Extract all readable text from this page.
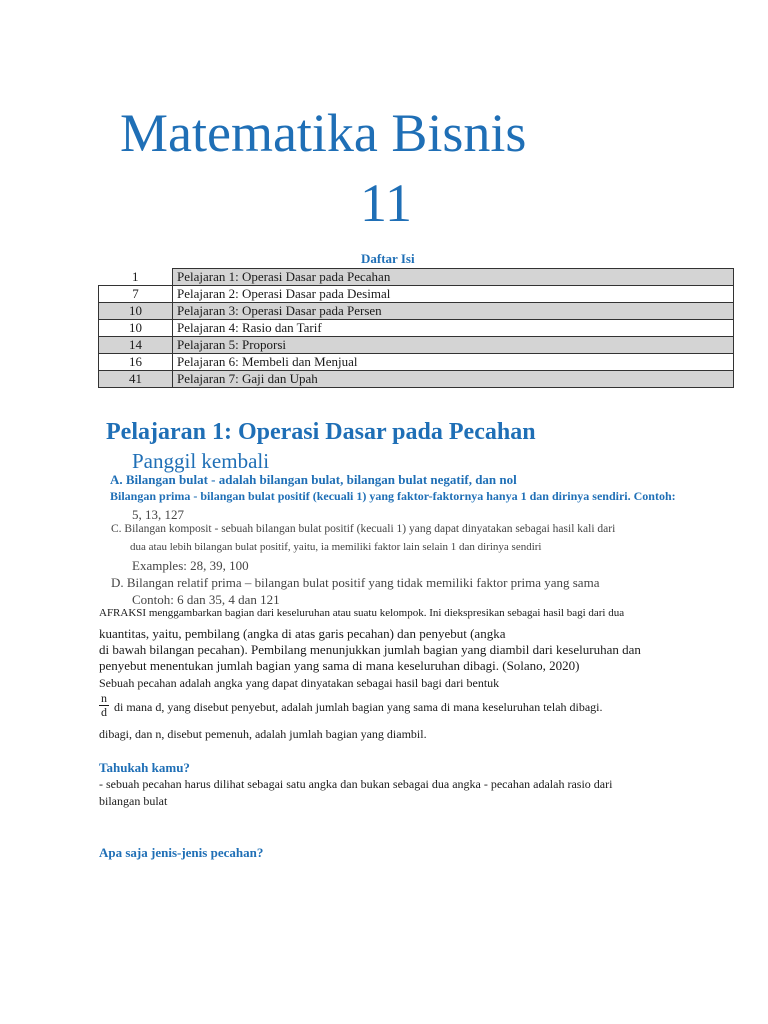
Matematika Bisnis
11
Daftar Isi
1	Pelajaran 1: Operasi Dasar pada Pecahan
7	Pelajaran 2: Operasi Dasar pada Desimal
10	Pelajaran 3: Operasi Dasar pada Persen
10	Pelajaran 4: Rasio dan Tarif
14	Pelajaran 5: Proporsi
16	Pelajaran 6: Membeli dan Menjual
41	Pelajaran 7: Gaji dan Upah
Pelajaran 1: Operasi Dasar pada Pecahan
Panggil kembali
A. Bilangan bulat - adalah bilangan bulat, bilangan bulat negatif, dan nol
Bilangan prima - bilangan bulat positif (kecuali 1) yang faktor-faktornya hanya 1 dan dirinya sendiri. Contoh:
5, 13, 127
C. Bilangan komposit - sebuah bilangan bulat positif (kecuali 1) yang dapat dinyatakan sebagai hasil kali dari
dua atau lebih bilangan bulat positif, yaitu, ia memiliki faktor lain selain 1 dan dirinya sendiri
Examples: 28, 39, 100
D. Bilangan relatif prima – bilangan bulat positif yang tidak memiliki faktor prima yang sama
Contoh: 6 dan 35, 4 dan 121
AFRAKSI menggambarkan bagian dari keseluruhan atau suatu kelompok. Ini diekspresikan sebagai hasil bagi dari dua
kuantitas, yaitu, pembilang (angka di atas garis pecahan) dan penyebut (angka
di bawah bilangan pecahan). Pembilang menunjukkan jumlah bagian yang diambil dari keseluruhan dan
penyebut menentukan jumlah bagian yang sama di mana keseluruhan dibagi. (Solano, 2020)
Sebuah pecahan adalah angka yang dapat dinyatakan sebagai hasil bagi dari bentuk
$\frac{n}{d}$ di mana d, yang disebut penyebut, adalah jumlah bagian yang sama di mana keseluruhan telah dibagi.
dibagi, dan n, disebut pemenuh, adalah jumlah bagian yang diambil.
Tahukah kamu?
- sebuah pecahan harus dilihat sebagai satu angka dan bukan sebagai dua angka - pecahan adalah rasio dari
bilangan bulat
Apa saja jenis-jenis pecahan?
